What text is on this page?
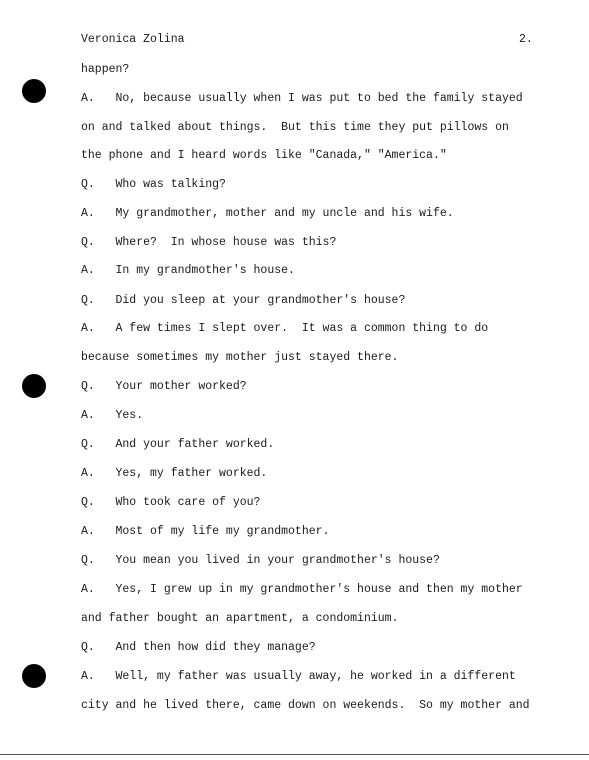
Veronica Zolina	2.
happen?
A.   No, because usually when I was put to bed the family stayed
on and talked about things.  But this time they put pillows on
the phone and I heard words like "Canada," "America."
Q.   Who was talking?
A.   My grandmother, mother and my uncle and his wife.
Q.   Where?  In whose house was this?
A.   In my grandmother's house.
Q.   Did you sleep at your grandmother's house?
A.   A few times I slept over.  It was a common thing to do
because sometimes my mother just stayed there.
Q.   Your mother worked?
A.   Yes.
Q.   And your father worked.
A.   Yes, my father worked.
Q.   Who took care of you?
A.   Most of my life my grandmother.
Q.   You mean you lived in your grandmother's house?
A.   Yes, I grew up in my grandmother's house and then my mother
and father bought an apartment, a condominium.
Q.   And then how did they manage?
A.   Well, my father was usually away, he worked in a different
city and he lived there, came down on weekends.  So my mother and
